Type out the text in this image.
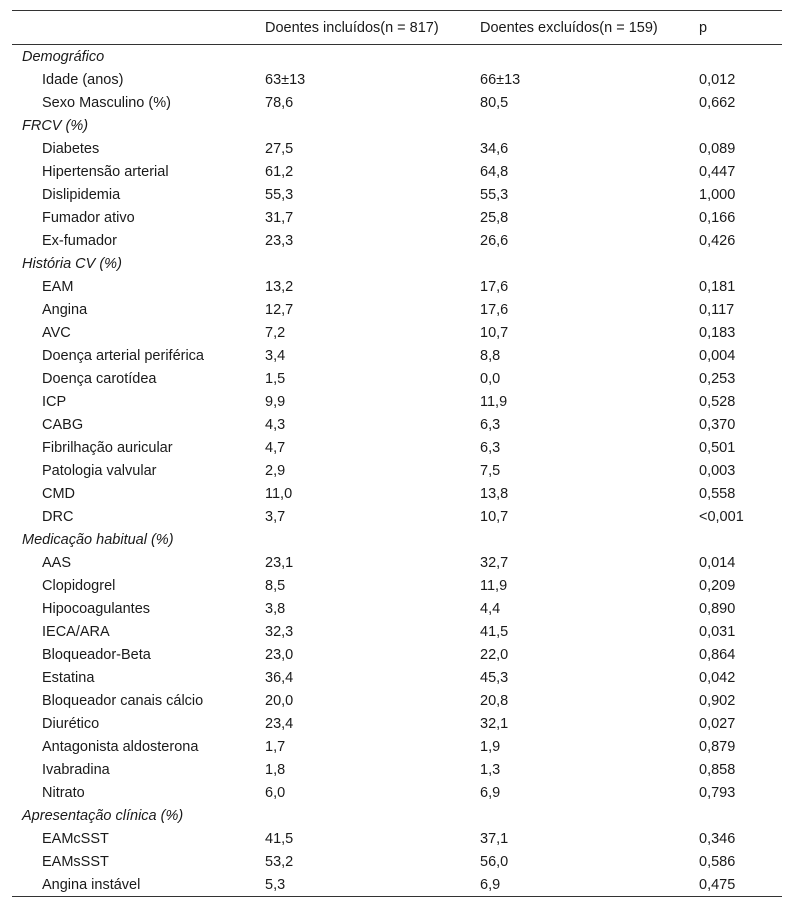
	Doentes incluídos(n = 817)	Doentes excluídos(n = 159)	p
Demográfico			
Idade (anos)	63±13	66±13	0,012
Sexo Masculino (%)	78,6	80,5	0,662
FRCV (%)			
Diabetes	27,5	34,6	0,089
Hipertensão arterial	61,2	64,8	0,447
Dislipidemia	55,3	55,3	1,000
Fumador ativo	31,7	25,8	0,166
Ex-fumador	23,3	26,6	0,426
História CV (%)			
EAM	13,2	17,6	0,181
Angina	12,7	17,6	0,117
AVC	7,2	10,7	0,183
Doença arterial periférica	3,4	8,8	0,004
Doença carotídea	1,5	0,0	0,253
ICP	9,9	11,9	0,528
CABG	4,3	6,3	0,370
Fibrilhação auricular	4,7	6,3	0,501
Patologia valvular	2,9	7,5	0,003
CMD	11,0	13,8	0,558
DRC	3,7	10,7	<0,001
Medicação habitual (%)			
AAS	23,1	32,7	0,014
Clopidogrel	8,5	11,9	0,209
Hipocoagulantes	3,8	4,4	0,890
IECA/ARA	32,3	41,5	0,031
Bloqueador-Beta	23,0	22,0	0,864
Estatina	36,4	45,3	0,042
Bloqueador canais cálcio	20,0	20,8	0,902
Diurético	23,4	32,1	0,027
Antagonista aldosterona	1,7	1,9	0,879
Ivabradina	1,8	1,3	0,858
Nitrato	6,0	6,9	0,793
Apresentação clínica (%)			
EAMcSST	41,5	37,1	0,346
EAMsSST	53,2	56,0	0,586
Angina instável	5,3	6,9	0,475
